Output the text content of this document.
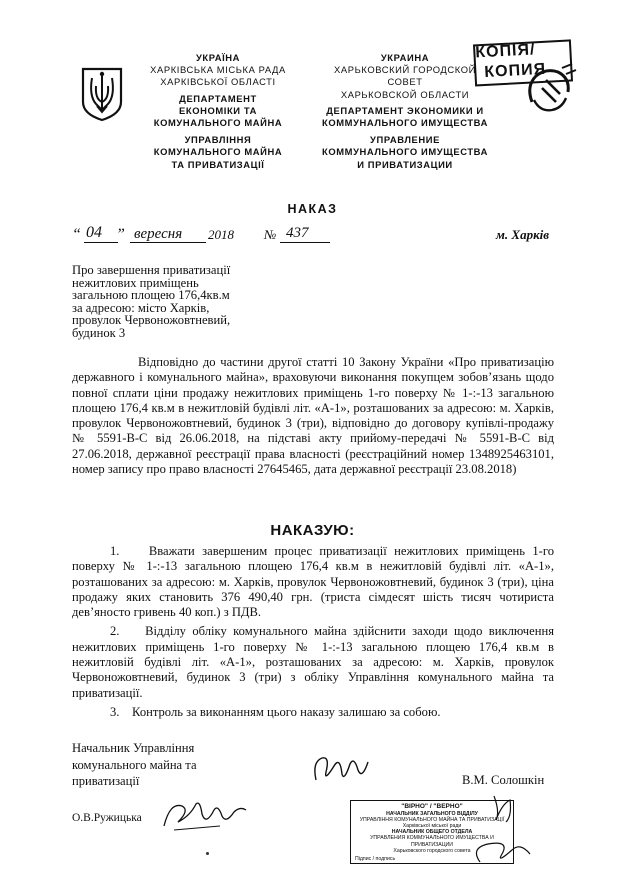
УКРАЇНА
ХАРКІВСЬКА МІСЬКА РАДА
ХАРКІВСЬКОЇ ОБЛАСТІ
ДЕПАРТАМЕНТ
ЕКОНОМІКИ ТА
КОМУНАЛЬНОГО МАЙНА
УПРАВЛІННЯ
КОМУНАЛЬНОГО МАЙНА
ТА ПРИВАТИЗАЦІЇ
УКРАИНА
ХАРЬКОВСКИЙ ГОРОДСКОЙ
СОВЕТ
ХАРЬКОВСКОЙ ОБЛАСТИ
ДЕПАРТАМЕНТ ЭКОНОМИКИ И
КОММУНАЛЬНОГО ИМУЩЕСТВА
УПРАВЛЕНИЕ
КОММУНАЛЬНОГО ИМУЩЕСТВА
И ПРИВАТИЗАЦИИ
КОПІЯ/
КОПИЯ
НАКАЗ
“ 04 ” вересня 2018 № 437	м. Харків
Про завершення приватизації
нежитлових приміщень
загальною площею 176,4кв.м
за адресою: місто Харків,
провулок Червоножовтневий,
будинок 3

Відповідно до частини другої статті 10 Закону України «Про приватизацію державного і комунального майна», враховуючи виконання покупцем зобов’язань щодо повної сплати ціни продажу нежитлових приміщень 1-го поверху № 1-:-13 загальною площею 176,4 кв.м в нежитловій будівлі літ. «А-1», розташованих за адресою: м. Харків, провулок Червоножовтневий, будинок 3 (три), відповідно до договору купівлі-продажу № 5591-В-С від 26.06.2018, на підставі акту прийому-передачі № 5591-В-С від 27.06.2018, державної реєстрації права власності (реєстраційний номер 1348925463101, номер запису про право власності 27645465, дата державної реєстрації 23.08.2018)

НАКАЗУЮ:

1. Вважати завершеним процес приватизації нежитлових приміщень 1-го поверху № 1-:-13 загальною площею 176,4 кв.м в нежитловій будівлі літ. «А-1», розташованих за адресою: м. Харків, провулок Червоножовтневий, будинок 3 (три), ціна продажу яких становить 376 490,40 грн. (триста сімдесят шість тисяч чотириста дев’яносто гривень 40 коп.) з ПДВ.

2. Відділу обліку комунального майна здійснити заходи щодо виключення нежитлових приміщень 1-го поверху № 1-:-13 загальною площею 176,4 кв.м в нежитловій будівлі літ. «А-1», розташованих за адресою: м. Харків, провулок Червоножовтневий, будинок 3 (три) з обліку Управління комунального майна та приватизації.

3. Контроль за виконанням цього наказу залишаю за собою.

Начальник Управління
комунального майна та
приватизації	В.М. Солошкін
О.В.Ружицька
"ВІРНО" / "ВЕРНО"
НАЧАЛЬНИК ЗАГАЛЬНОГО ВІДДІЛУ
УПРАВЛІННЯ КОМУНАЛЬНОГО МАЙНА ТА ПРИВАТИЗАЦІЇ
Харківської міської ради
НАЧАЛЬНИК ОБЩЕГО ОТДЕЛА
УПРАВЛЕНИЯ КОММУНАЛЬНОГО ИМУЩЕСТВА И ПРИВАТИЗАЦИИ
Харьковского городского совета
Підпис / подпись
